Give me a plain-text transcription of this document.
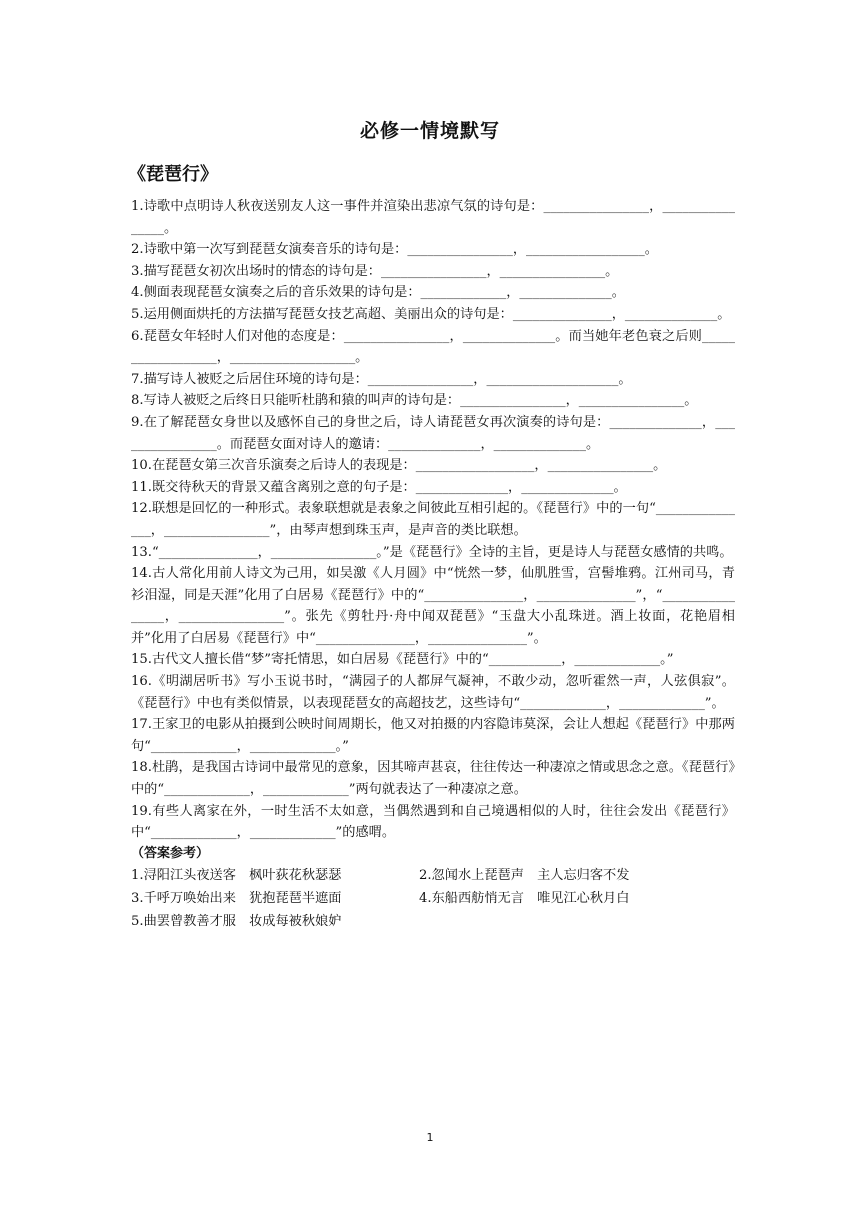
必修一情境默写
《琵琶行》

1.诗歌中点明诗人秋夜送别友人这一事件并渲染出悲凉气氛的诗句是：________________，________________。

2.诗歌中第一次写到琵琶女演奏音乐的诗句是：________________，__________________。

3.描写琵琶女初次出场时的情态的诗句是：________________，________________。

4.侧面表现琵琶女演奏之后的音乐效果的诗句是：_____________，______________。

5.运用侧面烘托的方法描写琵琶女技艺高超、美丽出众的诗句是：_______________，______________。

6.琵琶女年轻时人们对他的态度是：________________，______________。而当她年老色衰之后则__________________，___________________。

7.描写诗人被贬之后居住环境的诗句是：________________，____________________。

8.写诗人被贬之后终日只能听杜鹃和猿的叫声的诗句是：________________，________________。

9.在了解琵琶女身世以及感怀自己的身世之后，诗人请琵琶女再次演奏的诗句是：______________，________________。而琵琶女面对诗人的邀请：______________，______________。

10.在琵琶女第三次音乐演奏之后诗人的表现是：__________________，________________。

11.既交待秋天的背景又蕴含离别之意的句子是：______________，______________。

12.联想是回忆的一种形式。表象联想就是表象之间彼此互相引起的。《琵琶行》中的一句“_______________，________________”，由琴声想到珠玉声，是声音的类比联想。

13.“_______________，________________。”是《琵琶行》全诗的主旨，更是诗人与琵琶女感情的共鸣。

14.古人常化用前人诗文为己用，如吴激《人月圆》中“恍然一梦，仙肌胜雪，宫髻堆鸦。江州司马，青衫泪湿，同是天涯”化用了白居易《琵琶行》中的“_______________，_______________”，“________________，________________”。张先《剪牡丹·舟中闻双琵琶》“玉盘大小乱珠迸。酒上妆面，花艳眉相并”化用了白居易《琵琶行》中“_______________，_______________”。

15.古代文人擅长借“梦”寄托情思，如白居易《琵琶行》中的“___________，_____________。”

16.《明湖居听书》写小玉说书时，“满园子的人都屏气凝神，不敢少动，忽听霍然一声，人弦俱寂”。《琵琶行》中也有类似情景，以表现琵琶女的高超技艺，这些诗句“_____________，_____________”。

17.王家卫的电影从拍摄到公映时间周期长，他又对拍摄的内容隐讳莫深，会让人想起《琵琶行》中那两句“_____________，_____________。”

18.杜鹃，是我国古诗词中最常见的意象，因其啼声甚哀，往往传达一种凄凉之情或思念之意。《琵琶行》中的“_____________，_____________”两句就表达了一种凄凉之意。

19.有些人离家在外，一时生活不太如意，当偶然遇到和自己境遇相似的人时，往往会发出《琵琶行》中“_____________，_____________”的感喟。

（答案参考）

1.浔阳江头夜送客　枫叶荻花秋瑟瑟	2.忽闻水上琵琶声　主人忘归客不发
3.千呼万唤始出来　犹抱琵琶半遮面	4.东船西舫悄无言　唯见江心秋月白
5.曲罢曾教善才服　妆成每被秋娘妒
1
